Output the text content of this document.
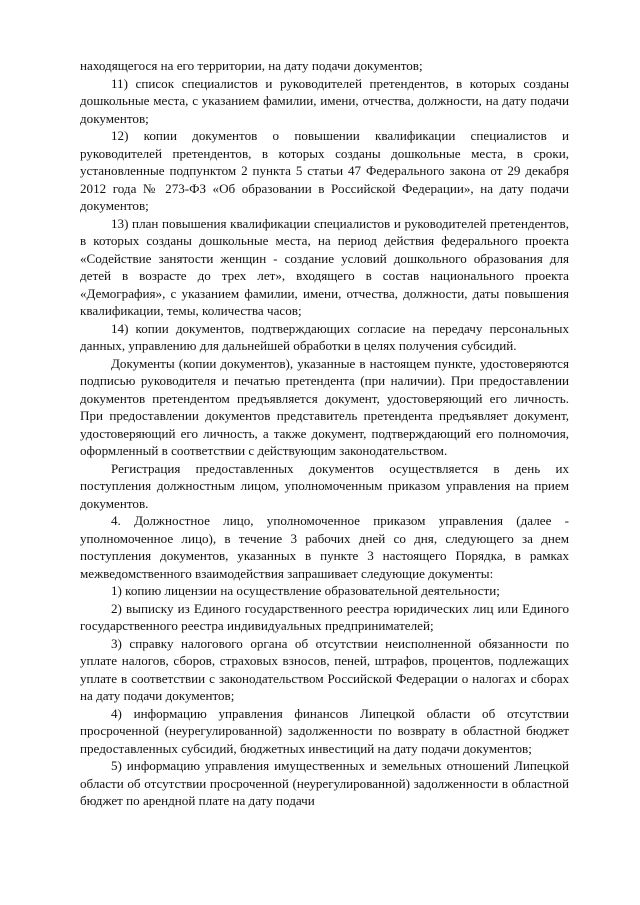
находящегося на его территории, на дату подачи документов;

11) список специалистов и руководителей претендентов, в которых созданы дошкольные места, с указанием фамилии, имени, отчества, должности, на дату подачи документов;

12) копии документов о повышении квалификации специалистов и руководителей претендентов, в которых созданы дошкольные места, в сроки, установленные подпунктом 2 пункта 5 статьи 47 Федерального закона от 29 декабря 2012 года № 273-ФЗ «Об образовании в Российской Федерации», на дату подачи документов;

13) план повышения квалификации специалистов и руководителей претендентов, в которых созданы дошкольные места, на период действия федерального проекта «Содействие занятости женщин - создание условий дошкольного образования для детей в возрасте до трех лет», входящего в состав национального проекта «Демография», с указанием фамилии, имени, отчества, должности, даты повышения квалификации, темы, количества часов;

14) копии документов, подтверждающих согласие на передачу персональных данных, управлению для дальнейшей обработки в целях получения субсидий.

Документы (копии документов), указанные в настоящем пункте, удостоверяются подписью руководителя и печатью претендента (при наличии). При предоставлении документов претендентом предъявляется документ, удостоверяющий его личность. При предоставлении документов представитель претендента предъявляет документ, удостоверяющий его личность, а также документ, подтверждающий его полномочия, оформленный в соответствии с действующим законодательством.

Регистрация предоставленных документов осуществляется в день их поступления должностным лицом, уполномоченным приказом управления на прием документов.

4. Должностное лицо, уполномоченное приказом управления (далее - уполномоченное лицо), в течение 3 рабочих дней со дня, следующего за днем поступления документов, указанных в пункте 3 настоящего Порядка, в рамках межведомственного взаимодействия запрашивает следующие документы:

1) копию лицензии на осуществление образовательной деятельности;

2) выписку из Единого государственного реестра юридических лиц или Единого государственного реестра индивидуальных предпринимателей;

3) справку налогового органа об отсутствии неисполненной обязанности по уплате налогов, сборов, страховых взносов, пеней, штрафов, процентов, подлежащих уплате в соответствии с законодательством Российской Федерации о налогах и сборах на дату подачи документов;

4) информацию управления финансов Липецкой области об отсутствии просроченной (неурегулированной) задолженности по возврату в областной бюджет предоставленных субсидий, бюджетных инвестиций на дату подачи документов;

5) информацию управления имущественных и земельных отношений Липецкой области об отсутствии просроченной (неурегулированной) задолженности в областной бюджет по арендной плате на дату подачи
